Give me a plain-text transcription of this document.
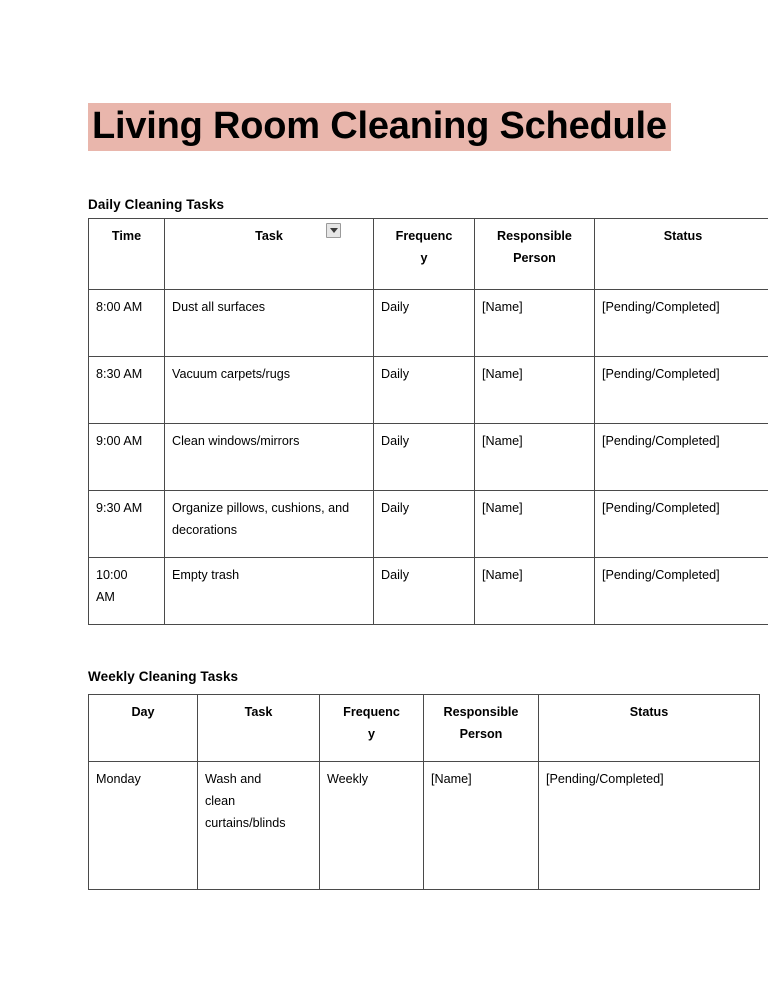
Living Room Cleaning Schedule
Daily Cleaning Tasks
Time	Task	Frequency	Responsible Person	Status

8:00 AM	Dust all surfaces	Daily	[Name]	[Pending/Completed]

8:30 AM	Vacuum carpets/rugs	Daily	[Name]	[Pending/Completed]

9:00 AM	Clean windows/mirrors	Daily	[Name]	[Pending/Completed]

9:30 AM	Organize pillows, cushions, and decorations	Daily	[Name]	[Pending/Completed]

10:00 AM	Empty trash	Daily	[Name]	[Pending/Completed]
Weekly Cleaning Tasks
Day	Task	Frequency	Responsible Person	Status

Monday	Wash and clean curtains/blinds	Weekly	[Name]	[Pending/Completed]
